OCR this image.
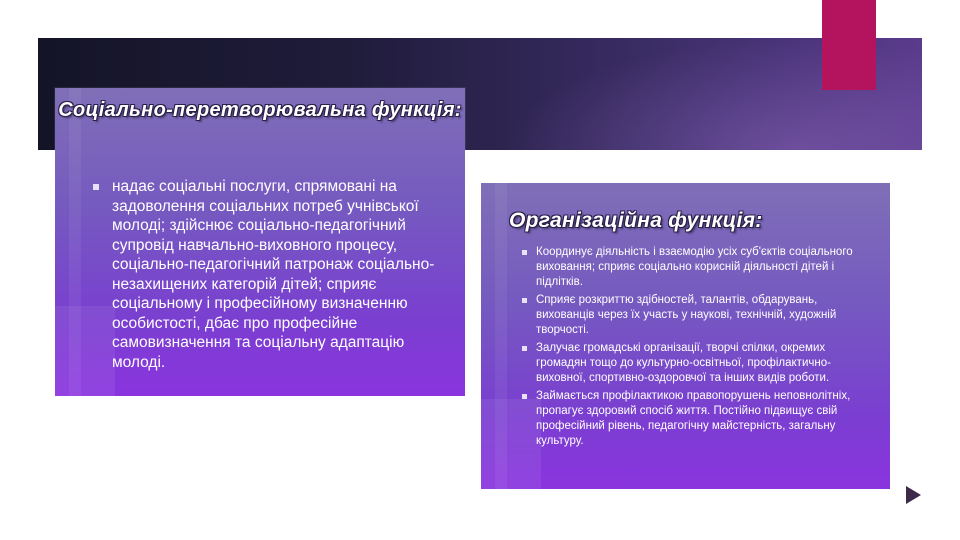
Соціально-перетворювальна функція:
надає соціальні послуги, спрямовані на задоволення соціальних потреб учнівської молоді; здійснює соціально-педагогічний супровід навчально-виховного процесу, соціально-педагогічний патронаж соціально-незахищених категорій дітей; сприяє соціальному і професійному визначенню особистості, дбає про професійне самовизначення та соціальну адаптацію молоді.
Організаційна функція:
Координує діяльність і взаємодію усіх суб'єктів соціального виховання; сприяє соціально корисній діяльності дітей і підлітків.
Сприяє розкриттю здібностей, талантів, обдарувань, вихованців через їх участь у наукові, технічній, художній творчості.
Залучає громадські організації, творчі спілки, окремих громадян тощо до культурно-освітньої, профілактично-виховної, спортивно-оздоровчої та інших видів роботи.
Займається профілактикою правопорушень неповнолітніх, пропагує здоровий спосіб життя. Постійно підвищує свій професійний рівень, педагогічну майстерність, загальну культуру.
